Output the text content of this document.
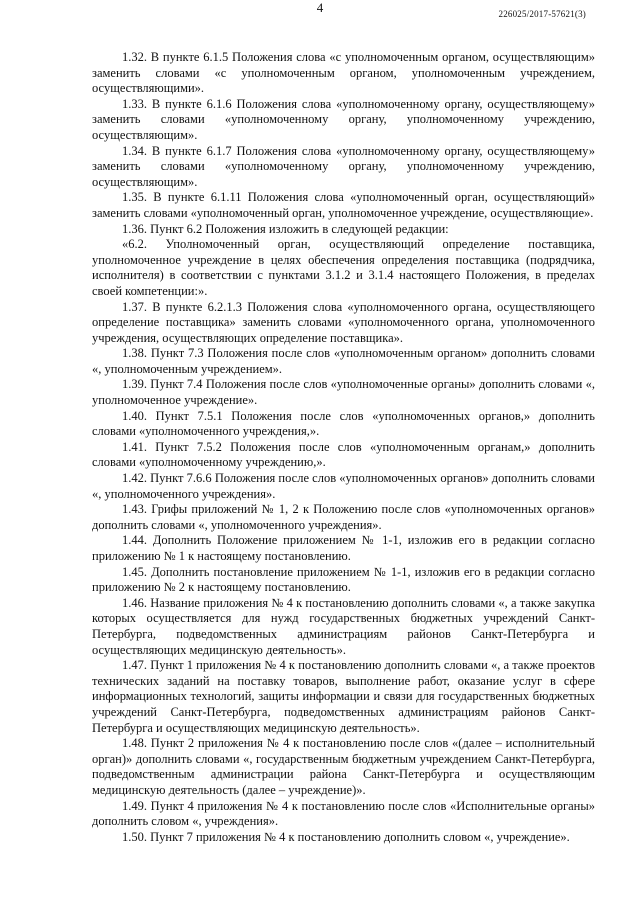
4	226025/2017-57621(3)

1.32. В пункте 6.1.5 Положения слова «с уполномоченным органом, осуществляющим» заменить словами «с уполномоченным органом, уполномоченным учреждением, осуществляющими».

1.33. В пункте 6.1.6 Положения слова «уполномоченному органу, осуществляющему» заменить словами «уполномоченному органу, уполномоченному учреждению, осуществляющим».

1.34. В пункте 6.1.7 Положения слова «уполномоченному органу, осуществляющему» заменить словами «уполномоченному органу, уполномоченному учреждению, осуществляющим».

1.35. В пункте 6.1.11 Положения слова «уполномоченный орган, осуществляющий» заменить словами «уполномоченный орган, уполномоченное учреждение, осуществляющие».

1.36. Пункт 6.2 Положения изложить в следующей редакции:

«6.2. Уполномоченный орган, осуществляющий определение поставщика, уполномоченное учреждение в целях обеспечения определения поставщика (подрядчика, исполнителя) в соответствии с пунктами 3.1.2 и 3.1.4 настоящего Положения, в пределах своей компетенции:».

1.37. В пункте 6.2.1.3 Положения слова «уполномоченного органа, осуществляющего определение поставщика» заменить словами «уполномоченного органа, уполномоченного учреждения, осуществляющих определение поставщика».

1.38. Пункт 7.3 Положения после слов «уполномоченным органом» дополнить словами «, уполномоченным учреждением».

1.39. Пункт 7.4 Положения после слов «уполномоченные органы» дополнить словами «, уполномоченное учреждение».

1.40. Пункт 7.5.1 Положения после слов «уполномоченных органов,» дополнить словами «уполномоченного учреждения,».

1.41. Пункт 7.5.2 Положения после слов «уполномоченным органам,» дополнить словами «уполномоченному учреждению,».

1.42. Пункт 7.6.6 Положения после слов «уполномоченных органов» дополнить словами «, уполномоченного учреждения».

1.43. Грифы приложений № 1, 2 к Положению после слов «уполномоченных органов» дополнить словами «, уполномоченного учреждения».

1.44. Дополнить Положение приложением № 1-1, изложив его в редакции согласно приложению № 1 к настоящему постановлению.

1.45. Дополнить постановление приложением № 1-1, изложив его в редакции согласно приложению № 2 к настоящему постановлению.

1.46. Название приложения № 4 к постановлению дополнить словами «, а также закупка которых осуществляется для нужд государственных бюджетных учреждений Санкт-Петербурга, подведомственных администрациям районов Санкт-Петербурга и осуществляющих медицинскую деятельность».

1.47. Пункт 1 приложения № 4 к постановлению дополнить словами «, а также проектов технических заданий на поставку товаров, выполнение работ, оказание услуг в сфере информационных технологий, защиты информации и связи для государственных бюджетных учреждений Санкт-Петербурга, подведомственных администрациям районов Санкт-Петербурга и осуществляющих медицинскую деятельность».

1.48. Пункт 2 приложения № 4 к постановлению после слов «(далее – исполнительный орган)» дополнить словами «, государственным бюджетным учреждением Санкт-Петербурга, подведомственным администрации района Санкт-Петербурга и осуществляющим медицинскую деятельность (далее – учреждение)».

1.49. Пункт 4 приложения № 4 к постановлению после слов «Исполнительные органы» дополнить словом «, учреждения».

1.50. Пункт 7 приложения № 4 к постановлению дополнить словом «, учреждение».
